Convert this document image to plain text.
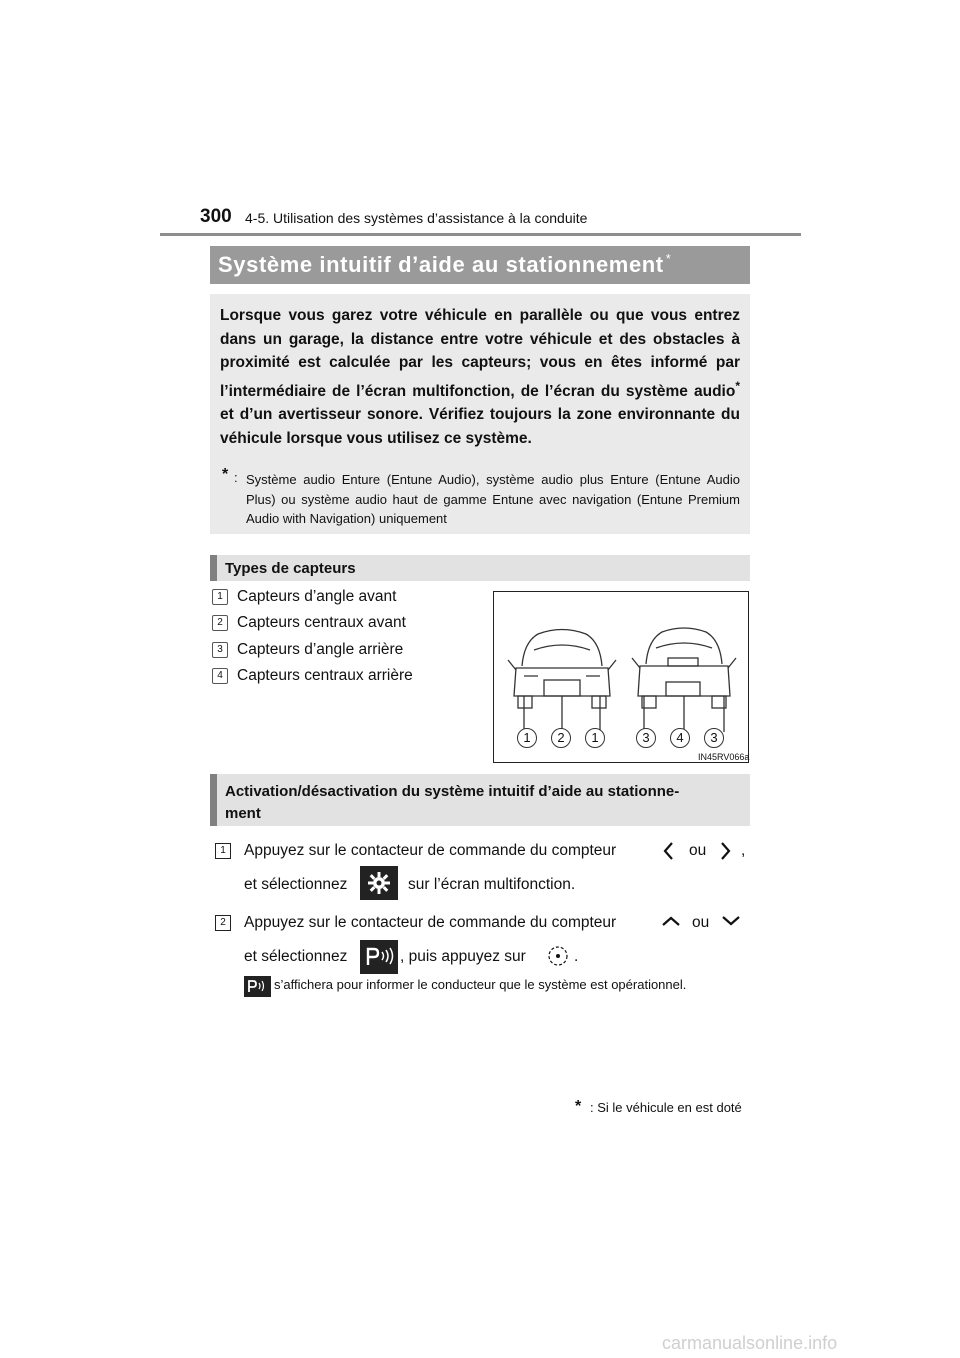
300 4-5. Utilisation des systèmes d’assistance à la conduite
Système intuitif d’aide au stationnement *
Lorsque vous garez votre véhicule en parallèle ou que vous entrez dans un garage, la distance entre votre véhicule et des obstacles à proximité est calculée par les capteurs; vous en êtes informé par l’intermédiaire de l’écran multifonction, de l’écran du système audio* et d’un avertisseur sonore. Vérifiez toujours la zone environnante du véhicule lorsque vous utilisez ce système.
* : Système audio Enture (Entune Audio), système audio plus Enture (Entune Audio Plus) ou système audio haut de gamme Entune avec navigation (Entune Premium Audio with Navigation) uniquement
Types de capteurs
1 Capteurs d’angle avant
2 Capteurs centraux avant
3 Capteurs d’angle arrière
4 Capteurs centraux arrière
1	2	1	3	4	3
IN45RV066a
Activation/désactivation du système intuitif d’aide au stationne-
ment
1	Appuyez sur le contacteur de commande du compteur	ou ,
et sélectionnez	sur l’écran multifonction.
2	Appuyez sur le contacteur de commande du compteur	ou
et sélectionnez	, puis appuyez sur	.
s’affichera pour informer le conducteur que le système est opérationnel.
* : Si le véhicule en est doté
carmanualsonline.info
